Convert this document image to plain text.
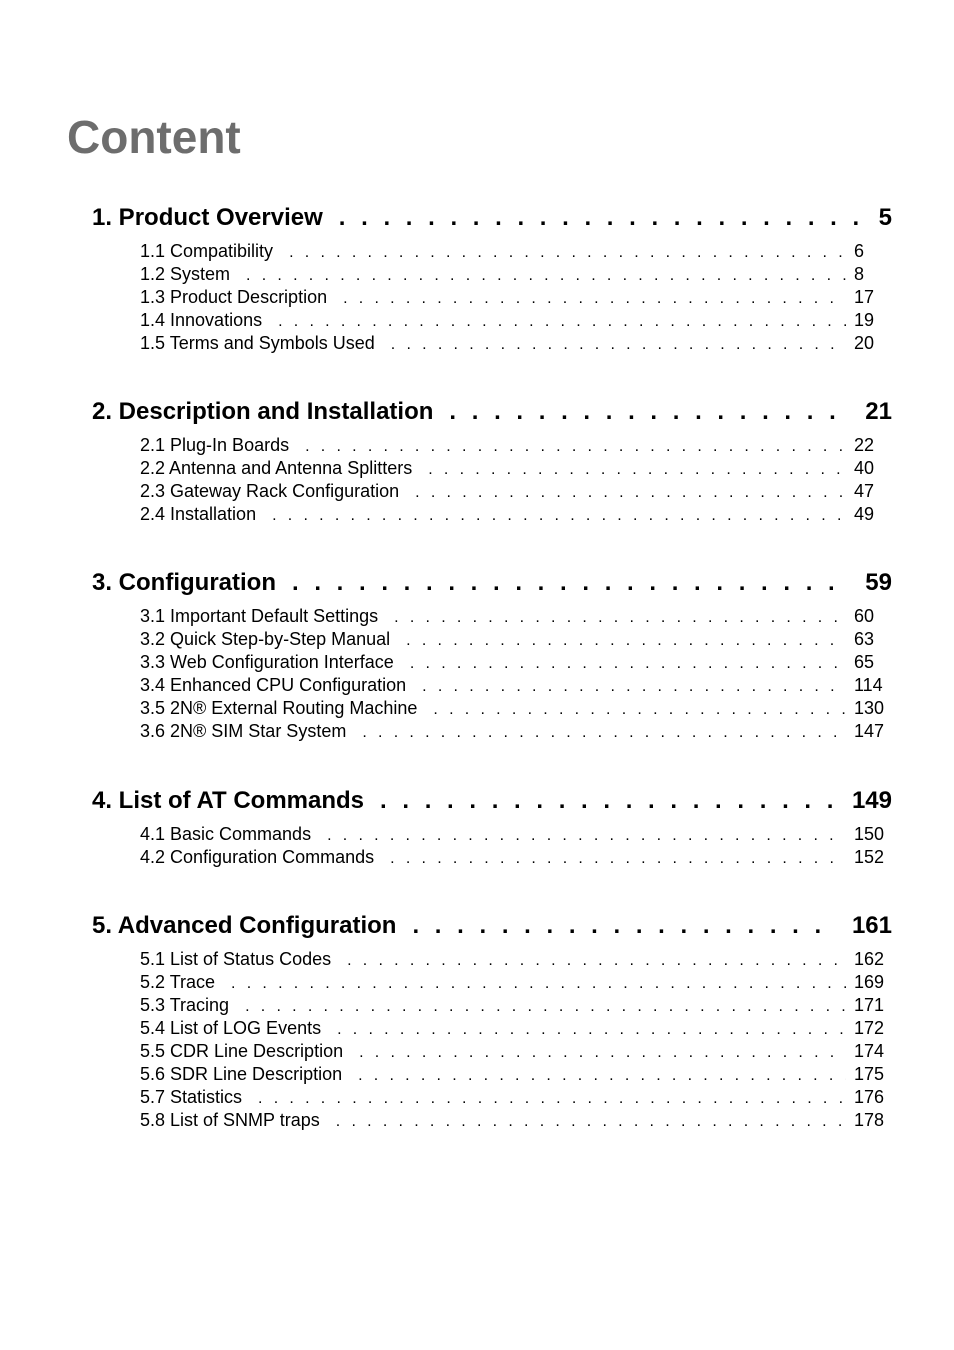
Content
1. Product Overview . . .	5
1.1 Compatibility . . .	6
1.2 System . . .	8
1.3 Product Description . . .	17
1.4 Innovations . . .	19
1.5 Terms and Symbols Used . . .	20
2. Description and Installation . . .	21
2.1 Plug-In Boards . . .	22
2.2 Antenna and Antenna Splitters . . .	40
2.3 Gateway Rack Configuration . . .	47
2.4 Installation . . .	49
3. Configuration . . .	59
3.1 Important Default Settings . . .	60
3.2 Quick Step-by-Step Manual . . .	63
3.3 Web Configuration Interface . . .	65
3.4 Enhanced CPU Configuration . . .	114
3.5 2N® External Routing Machine . . .	130
3.6 2N® SIM Star System . . .	147
4. List of AT Commands . . .	149
4.1 Basic Commands . . .	150
4.2 Configuration Commands . . .	152
5. Advanced Configuration . . .	161
5.1 List of Status Codes . . .	162
5.2 Trace . . .	169
5.3 Tracing . . .	171
5.4 List of LOG Events . . .	172
5.5 CDR Line Description . . .	174
5.6 SDR Line Description . . .	175
5.7 Statistics . . .	176
5.8 List of SNMP traps . . .	178
